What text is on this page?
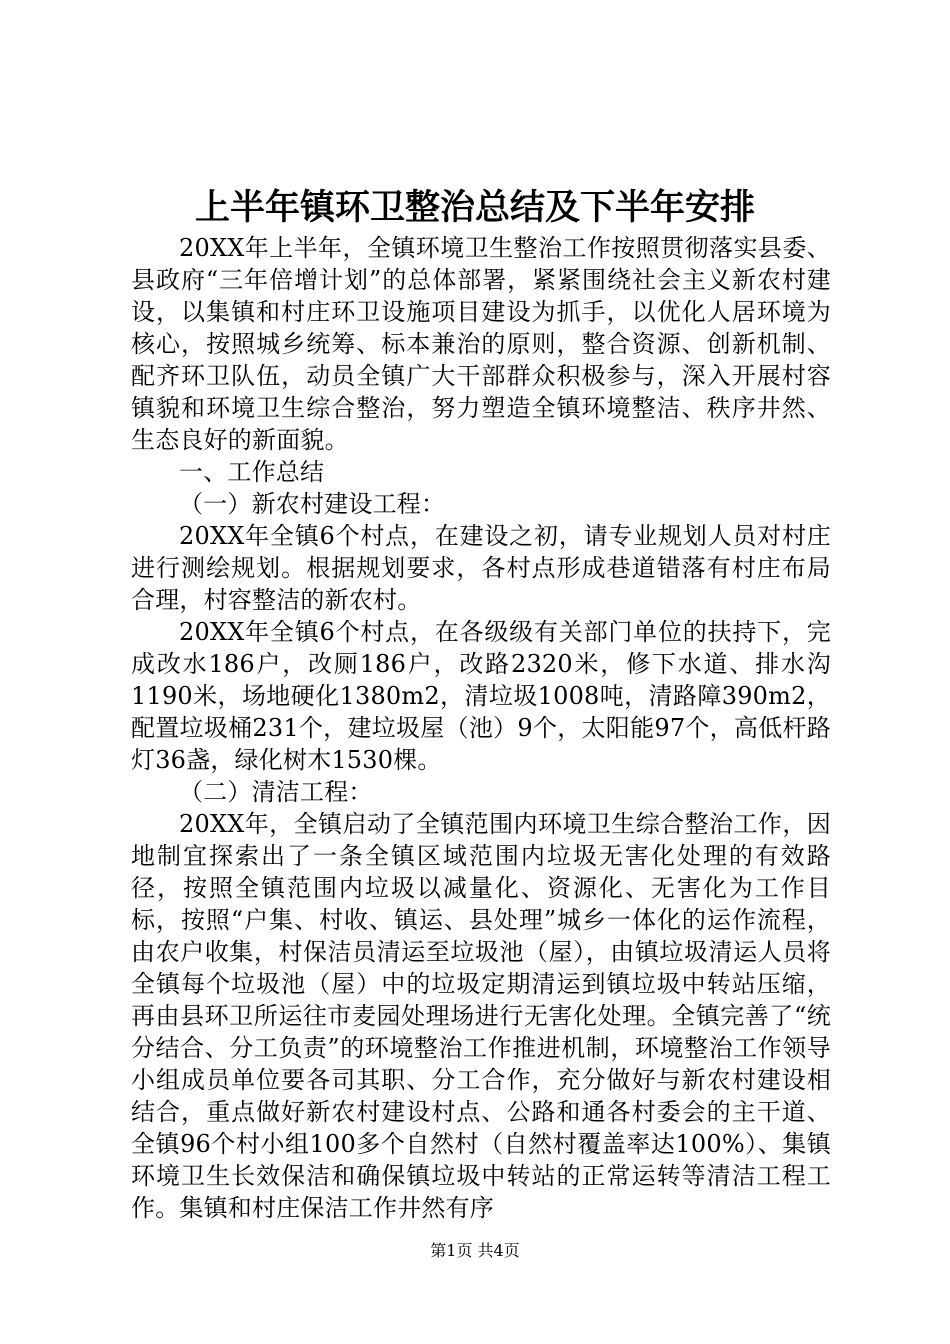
上半年镇环卫整治总结及下半年安排

20XX年上半年，全镇环境卫生整治工作按照贯彻落实县委、县政府“三年倍增计划”的总体部署，紧紧围绕社会主义新农村建设，以集镇和村庄环卫设施项目建设为抓手，以优化人居环境为核心，按照城乡统筹、标本兼治的原则，整合资源、创新机制、配齐环卫队伍，动员全镇广大干部群众积极参与，深入开展村容镇貌和环境卫生综合整治，努力塑造全镇环境整洁、秩序井然、生态良好的新面貌。

一、工作总结

（一）新农村建设工程：

20XX年全镇6个村点，在建设之初，请专业规划人员对村庄进行测绘规划。根据规划要求，各村点形成巷道错落有村庄布局合理，村容整洁的新农村。

20XX年全镇6个村点，在各级级有关部门单位的扶持下，完成改水186户，改厕186户，改路2320米，修下水道、排水沟1190米，场地硬化1380m2，清垃圾1008吨，清路障390m2，配置垃圾桶231个，建垃圾屋（池）9个，太阳能97个，高低杆路灯36盏，绿化树木1530棵。

（二）清洁工程：

20XX年，全镇启动了全镇范围内环境卫生综合整治工作，因地制宜探索出了一条全镇区域范围内垃圾无害化处理的有效路径，按照全镇范围内垃圾以减量化、资源化、无害化为工作目标，按照“户集、村收、镇运、县处理”城乡一体化的运作流程，由农户收集，村保洁员清运至垃圾池（屋），由镇垃圾清运人员将全镇每个垃圾池（屋）中的垃圾定期清运到镇垃圾中转站压缩，再由县环卫所运往市麦园处理场进行无害化处理。全镇完善了“统分结合、分工负责”的环境整治工作推进机制，环境整治工作领导小组成员单位要各司其职、分工合作，充分做好与新农村建设相结合，重点做好新农村建设村点、公路和通各村委会的主干道、全镇96个村小组100多个自然村（自然村覆盖率达100%）、集镇环境卫生长效保洁和确保镇垃圾中转站的正常运转等清洁工程工作。集镇和村庄保洁工作井然有序

第1页 共4页
